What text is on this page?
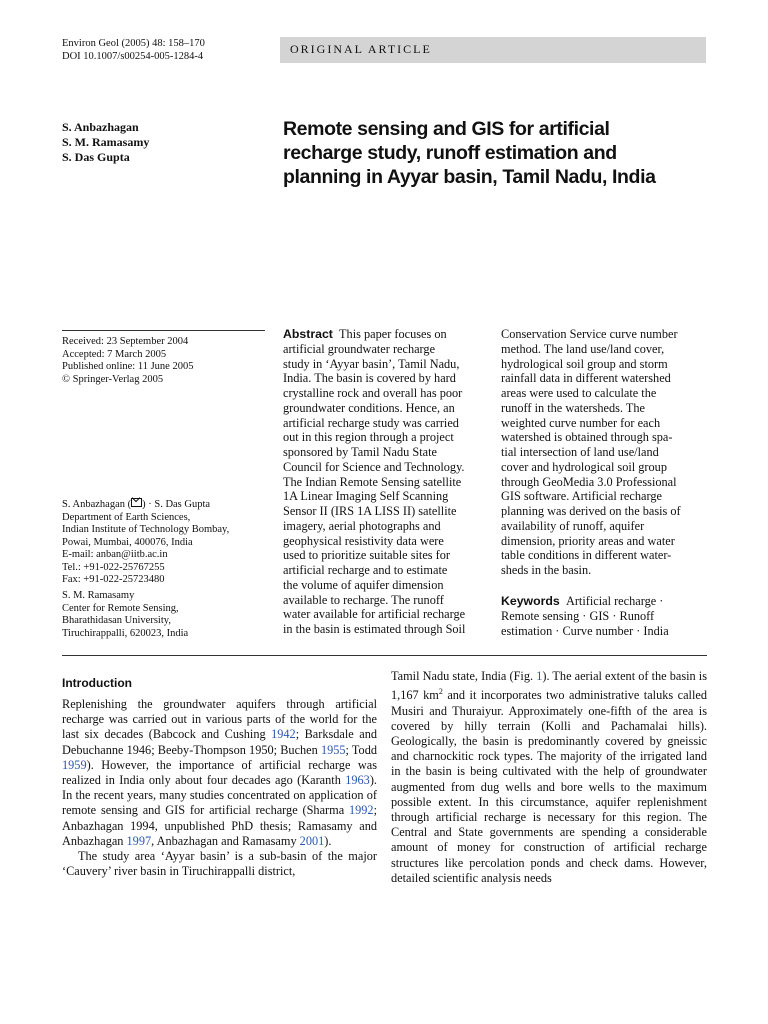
Environ Geol (2005) 48: 158–170
DOI 10.1007/s00254-005-1284-4
ORIGINAL ARTICLE
S. Anbazhagan
S. M. Ramasamy
S. Das Gupta
Remote sensing and GIS for artificial
recharge study, runoff estimation and
planning in Ayyar basin, Tamil Nadu, India
Received: 23 September 2004
Accepted: 7 March 2005
Published online: 11 June 2005
© Springer-Verlag 2005
S. Anbazhagan ( ) · S. Das Gupta
Department of Earth Sciences,
Indian Institute of Technology Bombay,
Powai, Mumbai, 400076, India
E-mail: anban@iitb.ac.in
Tel.: +91-022-25767255
Fax: +91-022-25723480
S. M. Ramasamy
Center for Remote Sensing,
Bharathidasan University,
Tiruchirappalli, 620023, India
Abstract This paper focuses on
artificial groundwater recharge
study in ‘Ayyar basin’, Tamil Nadu,
India. The basin is covered by hard
crystalline rock and overall has poor
groundwater conditions. Hence, an
artificial recharge study was carried
out in this region through a project
sponsored by Tamil Nadu State
Council for Science and Technology.
The Indian Remote Sensing satellite
1A Linear Imaging Self Scanning
Sensor II (IRS 1A LISS II) satellite
imagery, aerial photographs and
geophysical resistivity data were
used to prioritize suitable sites for
artificial recharge and to estimate
the volume of aquifer dimension
available to recharge. The runoff
water available for artificial recharge
in the basin is estimated through Soil
Conservation Service curve number
method. The land use/land cover,
hydrological soil group and storm
rainfall data in different watershed
areas were used to calculate the
runoff in the watersheds. The
weighted curve number for each
watershed is obtained through spa-
tial intersection of land use/land
cover and hydrological soil group
through GeoMedia 3.0 Professional
GIS software. Artificial recharge
planning was derived on the basis of
availability of runoff, aquifer
dimension, priority areas and water
table conditions in different water-
sheds in the basin.
Keywords Artificial recharge ·
Remote sensing · GIS · Runoff
estimation · Curve number · India
Introduction

Replenishing the groundwater aquifers through artificial recharge was carried out in various parts of the world for the last six decades (Babcock and Cushing 1942; Barksdale and Debuchanne 1946; Beeby-Thompson 1950; Buchen 1955; Todd 1959). However, the importance of artificial recharge was realized in India only about four decades ago (Karanth 1963). In the recent years, many studies concentrated on application of remote sensing and GIS for artificial recharge (Sharma 1992; Anbazhagan 1994, unpublished PhD thesis; Ramasamy and Anbazhagan 1997, Anbazhagan and Ramasamy 2001).

The study area ‘Ayyar basin’ is a sub-basin of the major ‘Cauvery’ river basin in Tiruchirappalli district,

Tamil Nadu state, India (Fig. 1). The aerial extent of the basin is 1,167 $km^2$ and it incorporates two administrative taluks called Musiri and Thuraiyur. Approximately one-fifth of the area is covered by hilly terrain (Kolli and Pachamalai hills). Geologically, the basin is predominantly covered by gneissic and charnockitic rock types. The majority of the irrigated land in the basin is being cultivated with the help of groundwater augmented from dug wells and bore wells to the maximum possible extent. In this circumstance, aquifer replenishment through artificial recharge is necessary for this region. The Central and State governments are spending a considerable amount of money for construction of artificial recharge structures like percolation ponds and check dams. However, detailed scientific analysis needs
